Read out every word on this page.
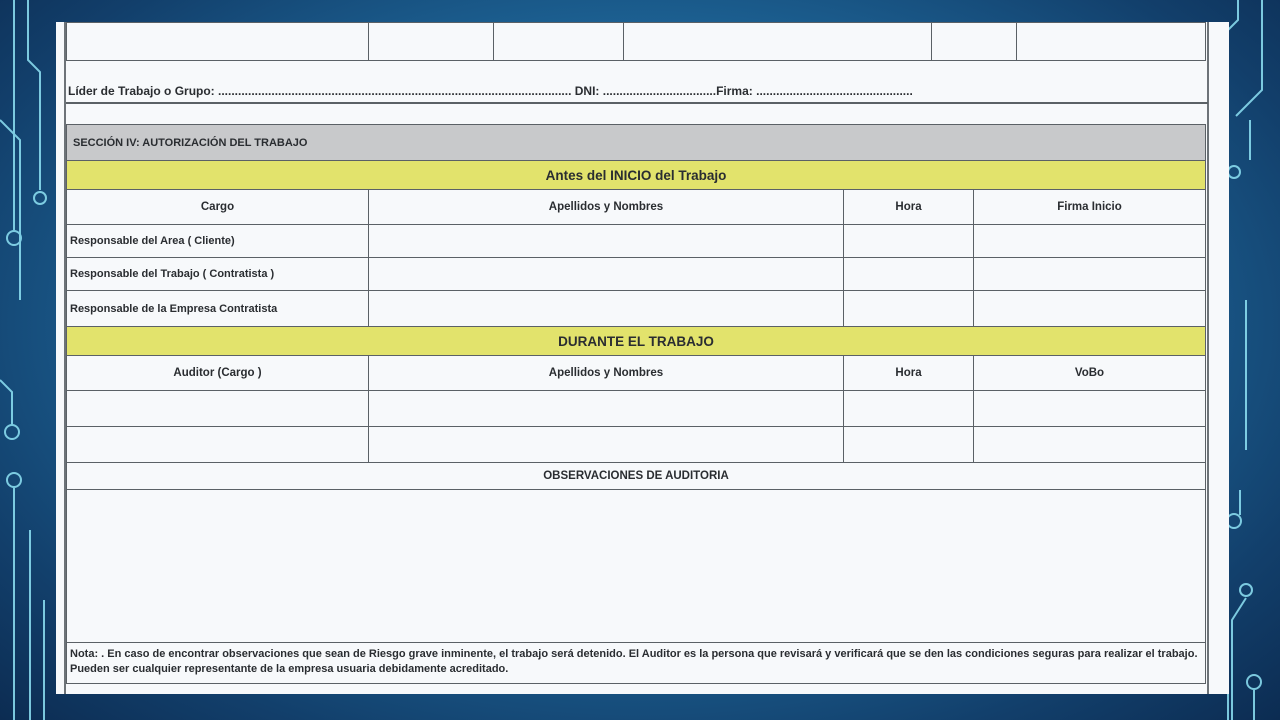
Líder de Trabajo o Grupo: .......................................................................................................... DNI: ..................................Firma: ...............................................
SECCIÓN IV: AUTORIZACIÓN DEL TRABAJO			
Antes del INICIO del Trabajo			
Cargo	Apellidos y Nombres	Hora	Firma Inicio
Responsable del Area ( Cliente)			
Responsable del Trabajo ( Contratista )			
Responsable de la Empresa Contratista			
DURANTE EL TRABAJO			
Auditor (Cargo )	Apellidos y Nombres	Hora	VoBo

OBSERVACIONES DE AUDITORIA			

Nota: . En caso de encontrar observaciones que sean de Riesgo grave inminente, el trabajo será detenido. El Auditor es la persona que revisará y verificará que se den las condiciones seguras para realizar el trabajo. Pueden ser cualquier representante de la empresa usuaria debidamente acreditado.			
